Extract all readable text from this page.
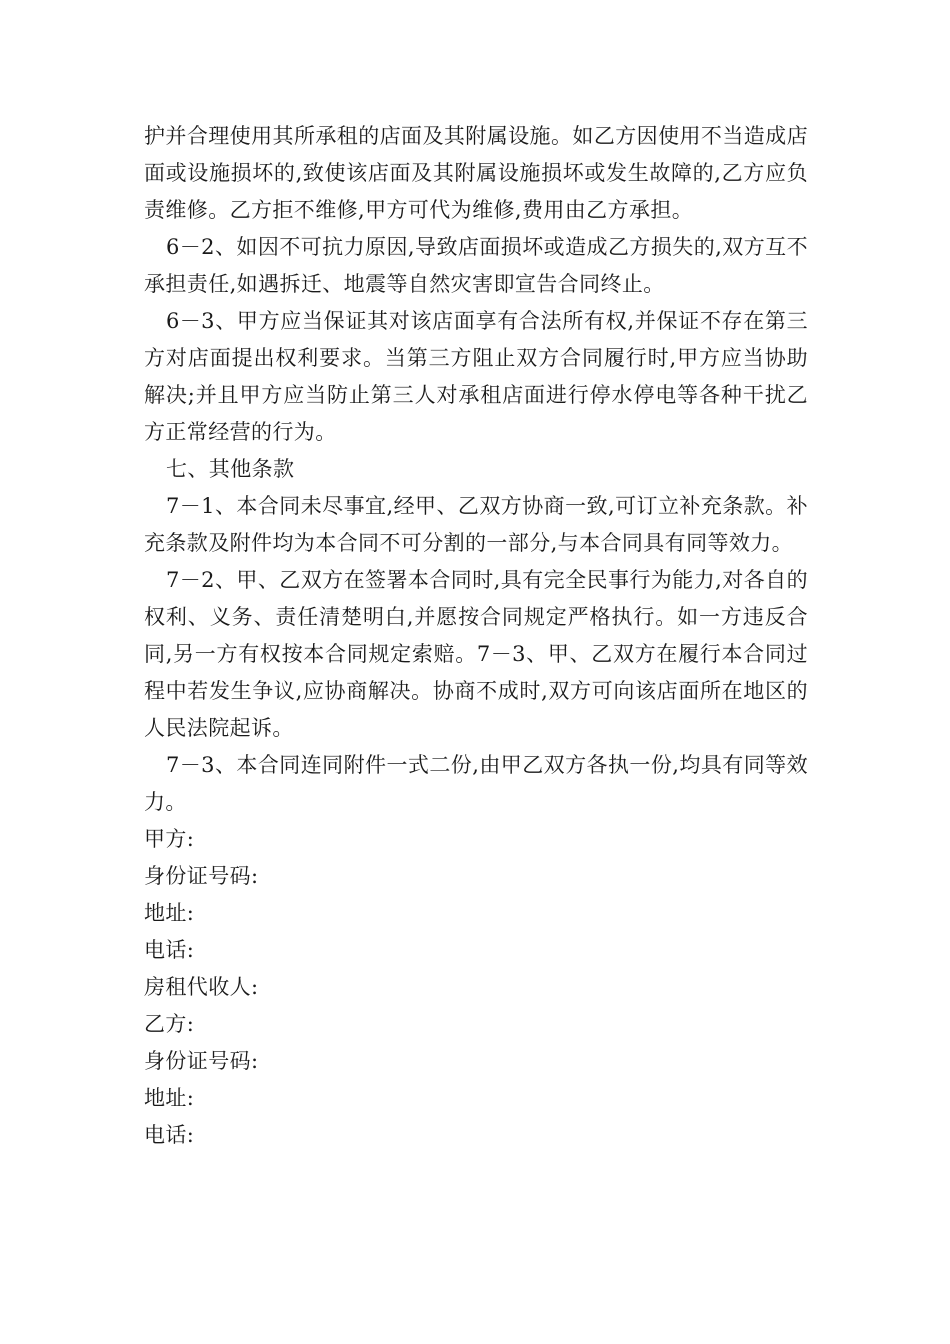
护并合理使用其所承租的店面及其附属设施。如乙方因使用不当造成店面或设施损坏的,致使该店面及其附属设施损坏或发生故障的,乙方应负责维修。乙方拒不维修,甲方可代为维修,费用由乙方承担。

6－2、如因不可抗力原因,导致店面损坏或造成乙方损失的,双方互不承担责任,如遇拆迁、地震等自然灾害即宣告合同终止。

6－3、甲方应当保证其对该店面享有合法所有权,并保证不存在第三方对店面提出权利要求。当第三方阻止双方合同履行时,甲方应当协助解决;并且甲方应当防止第三人对承租店面进行停水停电等各种干扰乙方正常经营的行为。

七、其他条款

7－1、本合同未尽事宜,经甲、乙双方协商一致,可订立补充条款。补充条款及附件均为本合同不可分割的一部分,与本合同具有同等效力。

7－2、甲、乙双方在签署本合同时,具有完全民事行为能力,对各自的权利、义务、责任清楚明白,并愿按合同规定严格执行。如一方违反合同,另一方有权按本合同规定索赔。7－3、甲、乙双方在履行本合同过程中若发生争议,应协商解决。协商不成时,双方可向该店面所在地区的人民法院起诉。

7－3、本合同连同附件一式二份,由甲乙双方各执一份,均具有同等效力。

甲方:

身份证号码:

地址:

电话:

房租代收人:

乙方:

身份证号码:

地址:

电话:
